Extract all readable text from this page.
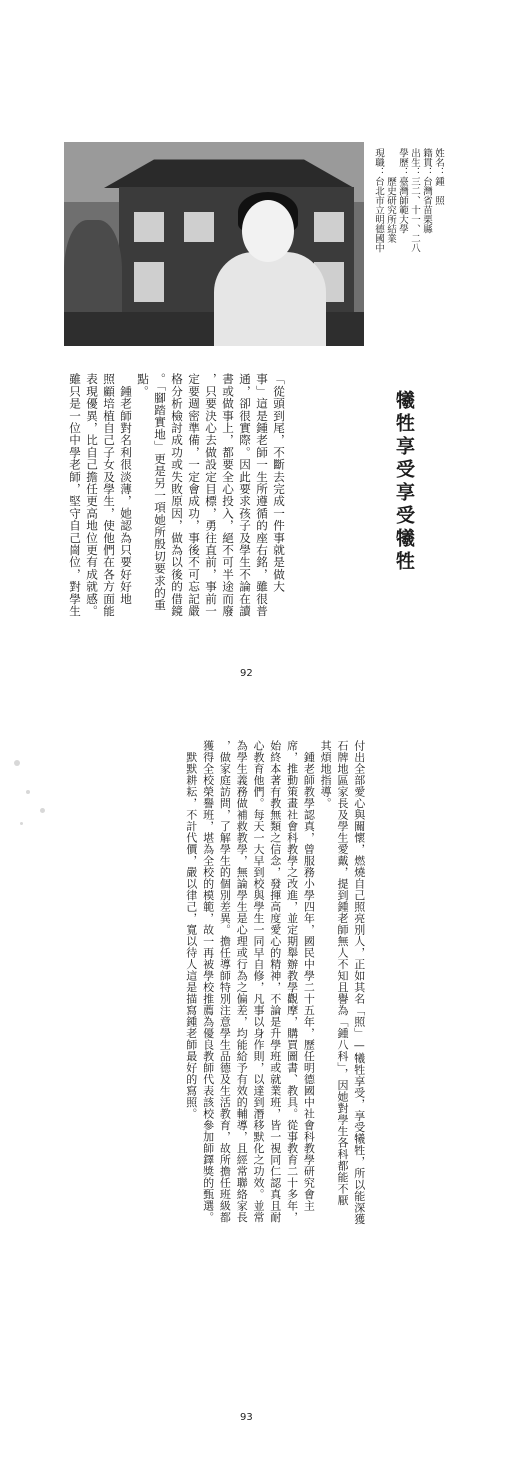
姓名：鍾　照
籍貫：台灣省苗栗縣
出生：三二、十一、二八
學歷：臺灣師範大學
　　　歷史研究所結業
現職：台北市立明德國中

犧牲享受享受犧牲

「從頭到尾，不斷去完成一件事就是做大
事」這是鍾老師一生所遵循的座右銘，雖很普
通，卻很實際。因此要求孩子及學生不論在讀
書或做事上，都要全心投入，絕不可半途而廢
，只要決心去做設定目標，勇往直前，事前一
定要週密準備，一定會成功，事後不可忘記嚴
格分析檢討成功或失敗原因，做為以後的借鏡
。「腳踏實地」更是另一項她所殷切要求的重
點。
　鍾老師對名利很淡薄，她認為只要好好地
照顧培植自己子女及學生，使他們在各方面能
表現優異，比自己擔任更高地位更有成就感。
雖只是一位中學老師，堅守自己崗位，對學生

92

付出全部愛心與關懷，燃燒自己照亮別人，正如其名「照」—犧牲享受，享受犧牲，所以能深獲
石牌地區家長及學生愛戴，提到鍾老師無人不知且譽為「鍾八科」，因她對學生各科都能不厭
其煩地指導。
　鍾老師教學認真，曾服務小學四年，國民中學二十五年，歷任明德國中社會科教學研究會主
席，推動策畫社會科教學之改進，並定期舉辦教學觀摩，購買圖書、教具。從事教育二十多年，
始終本著有教無類之信念，發揮高度愛心的精神，不論是升學班或就業班，皆一視同仁認真且耐
心教育他們。每天一大早到校與學生一同早自修，凡事以身作則，以達到潛移默化之功效。並常
為學生義務做補救教學，無論學生是心理或行為之偏差，均能給予有效的輔導，且經常聯絡家長
，做家庭訪問，了解學生的個別差異。擔任導師特別注意學生品德及生活教育，故所擔任班級都
獲得全校榮譽班，堪為全校的模範，故一再被學校推薦為優良教師代表該校參加師鐸獎的甄選。
　默默耕耘，不計代價，嚴以律己，寬以待人這是描寫鍾老師最好的寫照。

93
